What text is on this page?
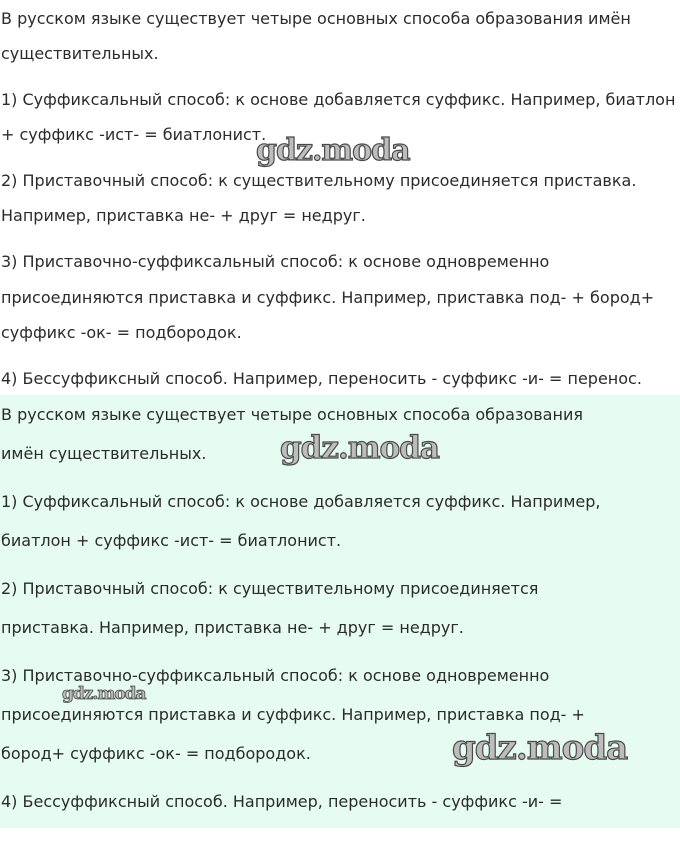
В русском языке существует четыре основных способа образования имён
существительных.
1) Суффиксальный способ: к основе добавляется суффикс. Например, биатлон
+ суффикс -ист- = биатлонист.
2) Приставочный способ: к существительному присоединяется приставка.
Например, приставка не- + друг = недруг.
3) Приставочно-суффиксальный способ: к основе одновременно
присоединяются приставка и суффикс. Например, приставка под- + бород+
суффикс -ок- = подбородок.
4) Бессуффиксный способ. Например, переносить - суффикс -и- = перенос.
gdz.moda
В русском языке существует четыре основных способа образования
имён существительных.
1) Суффиксальный способ: к основе добавляется суффикс. Например,
биатлон + суффикс -ист- = биатлонист.
2) Приставочный способ: к существительному присоединяется
приставка. Например, приставка не- + друг = недруг.
3) Приставочно-суффиксальный способ: к основе одновременно
присоединяются приставка и суффикс. Например, приставка под- +
бород+ суффикс -ок- = подбородок.
4) Бессуффиксный способ. Например, переносить - суффикс -и- =
gdz.moda
gdz.moda
gdz.moda
